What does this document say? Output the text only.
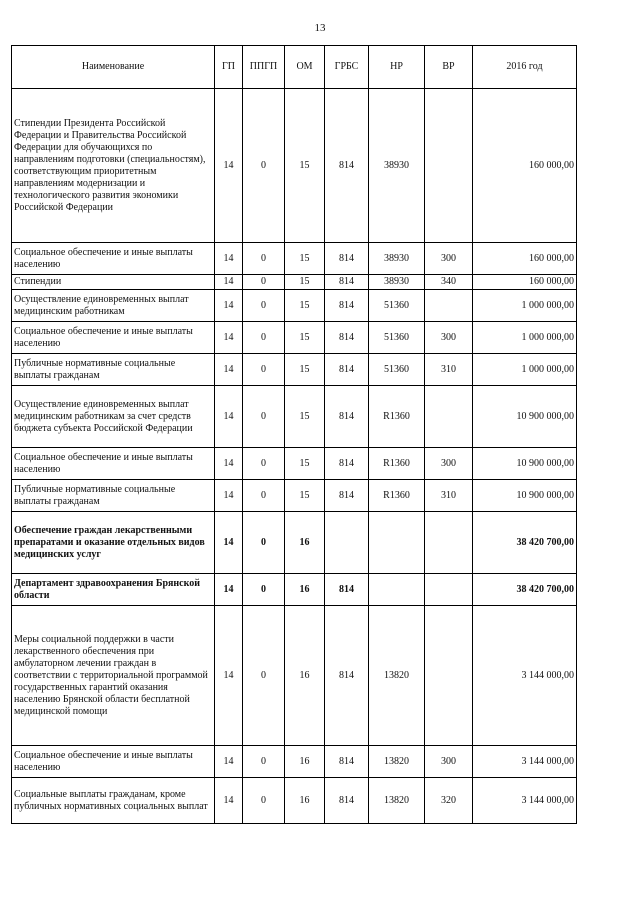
13
Наименование	ГП	ППГП	ОМ	ГРБС	НР	ВР	2016 год
Стипендии Президента Российской Федерации и Правительства Российской Федерации для обучающихся по направлениям подготовки (специальностям), соответствующим приоритетным направлениям модернизации и технологического развития экономики Российской Федерации	14	0	15	814	38930		160 000,00
Социальное обеспечение и иные выплаты населению	14	0	15	814	38930	300	160 000,00
Стипендии	14	0	15	814	38930	340	160 000,00
Осуществление единовременных выплат медицинским работникам	14	0	15	814	51360		1 000 000,00
Социальное обеспечение и иные выплаты населению	14	0	15	814	51360	300	1 000 000,00
Публичные нормативные социальные выплаты гражданам	14	0	15	814	51360	310	1 000 000,00
Осуществление единовременных выплат медицинским работникам за счет средств бюджета субъекта Российской Федерации	14	0	15	814	R1360		10 900 000,00
Социальное обеспечение и иные выплаты населению	14	0	15	814	R1360	300	10 900 000,00
Публичные нормативные социальные выплаты гражданам	14	0	15	814	R1360	310	10 900 000,00
Обеспечение граждан лекарственными препаратами и оказание отдельных видов медицинских услуг	14	0	16				38 420 700,00
Департамент здравоохранения Брянской области	14	0	16	814			38 420 700,00
Меры социальной поддержки в части лекарственного обеспечения при амбулаторном лечении граждан в соответствии с территориальной программой государственных гарантий оказания населению Брянской области бесплатной медицинской помощи	14	0	16	814	13820		3 144 000,00
Социальное обеспечение и иные выплаты населению	14	0	16	814	13820	300	3 144 000,00
Социальные выплаты гражданам, кроме публичных нормативных социальных выплат	14	0	16	814	13820	320	3 144 000,00
